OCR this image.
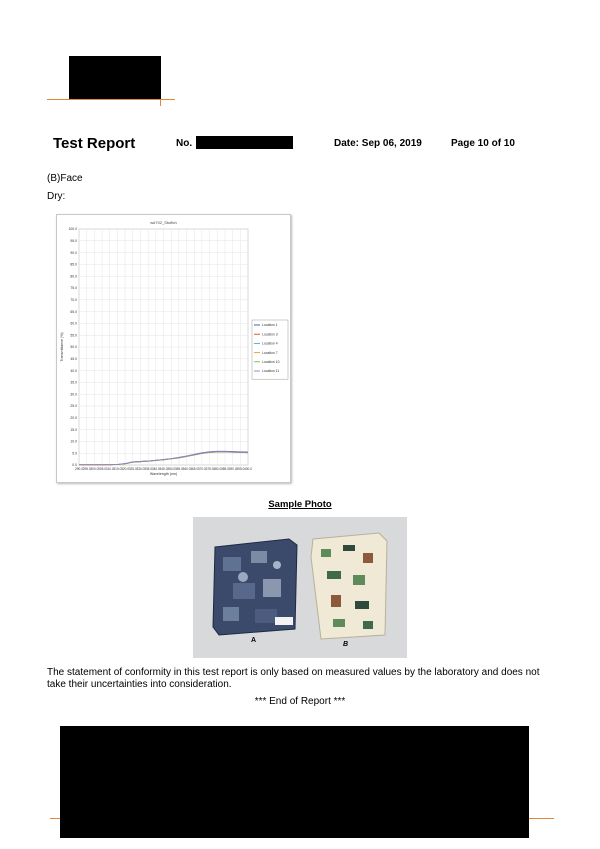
Test Report	No.	Date: Sep 06, 2019	Page 10 of 10
(B)Face
Dry:
w#702_Stuffch
0.0
5.0
10.0
15.0
20.0
25.0
30.0
35.0
40.0
45.0
50.0
55.0
60.0
65.0
70.0
75.0
80.0
85.0
90.0
95.0
100.0
290.0 295.0 300.0 305.0 310.0 315.0 320.0 325.0 330.0 335.0 340.0 345.0 350.0 355.0 360.0 365.0 370.0 375.0 380.0 385.0 390.0 395.0 400.0
Wavelength (nm)
Transmittance (%)
Location 1
Location 3
Location 4
Location 7
Location 10
Location 11
Sample Photo
A
B
The statement of conformity in this test report is only based on measured values by the laboratory and does not take their uncertainties into consideration.
*** End of Report ***
